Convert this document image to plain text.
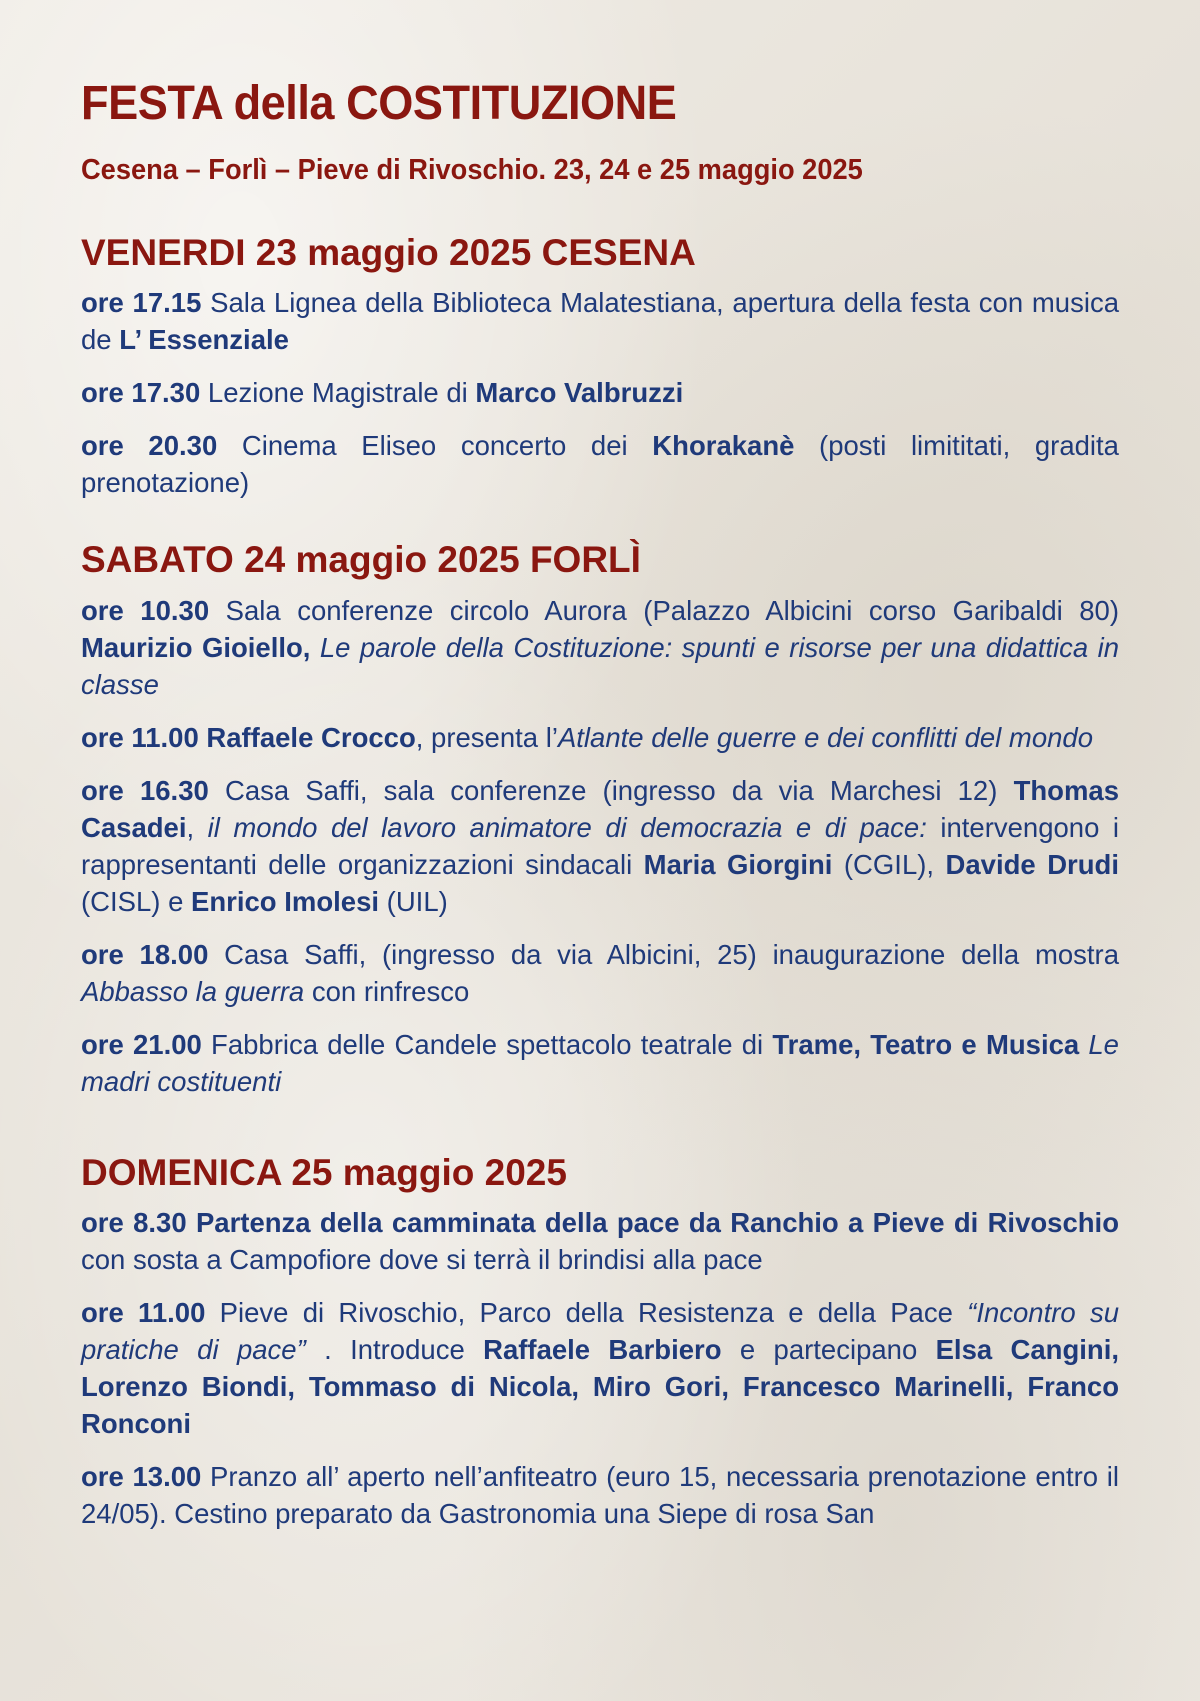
FESTA della COSTITUZIONE
Cesena – Forlì – Pieve di Rivoschio. 23, 24 e 25 maggio 2025
VENERDI 23 maggio 2025 CESENA

ore 17.15 Sala Lignea della Biblioteca Malatestiana, apertura della festa con musica de L’ Essenziale

ore 17.30 Lezione Magistrale di Marco Valbruzzi

ore 20.30 Cinema Eliseo concerto dei Khorakanè (posti limititati, gradita prenotazione)

SABATO 24 maggio 2025 FORLÌ

ore 10.30 Sala conferenze circolo Aurora (Palazzo Albicini corso Garibaldi 80) Maurizio Gioiello, Le parole della Costituzione: spunti e risorse per una didattica in classe

ore 11.00 Raffaele Crocco, presenta l’Atlante delle guerre e dei conflitti del mondo

ore 16.30 Casa Saffi, sala conferenze (ingresso da via Marchesi 12) Thomas Casadei, il mondo del lavoro animatore di democrazia e di pace: intervengono i rappresentanti delle organizzazioni sindacali Maria Giorgini (CGIL), Davide Drudi (CISL) e Enrico Imolesi (UIL)

ore 18.00 Casa Saffi, (ingresso da via Albicini, 25) inaugurazione della mostra Abbasso la guerra con rinfresco

ore 21.00 Fabbrica delle Candele spettacolo teatrale di Trame, Teatro e Musica Le madri costituenti

DOMENICA 25 maggio 2025

ore 8.30 Partenza della camminata della pace da Ranchio a Pieve di Rivoschio con sosta a Campofiore dove si terrà il brindisi alla pace

ore 11.00 Pieve di Rivoschio, Parco della Resistenza e della Pace “Incontro su pratiche di pace” . Introduce Raffaele Barbiero e partecipano Elsa Cangini, Lorenzo Biondi, Tommaso di Nicola, Miro Gori, Francesco Marinelli, Franco Ronconi

ore 13.00 Pranzo all’ aperto nell’anfiteatro (euro 15, necessaria prenotazione entro il 24/05). Cestino preparato da Gastronomia una Siepe di rosa San
